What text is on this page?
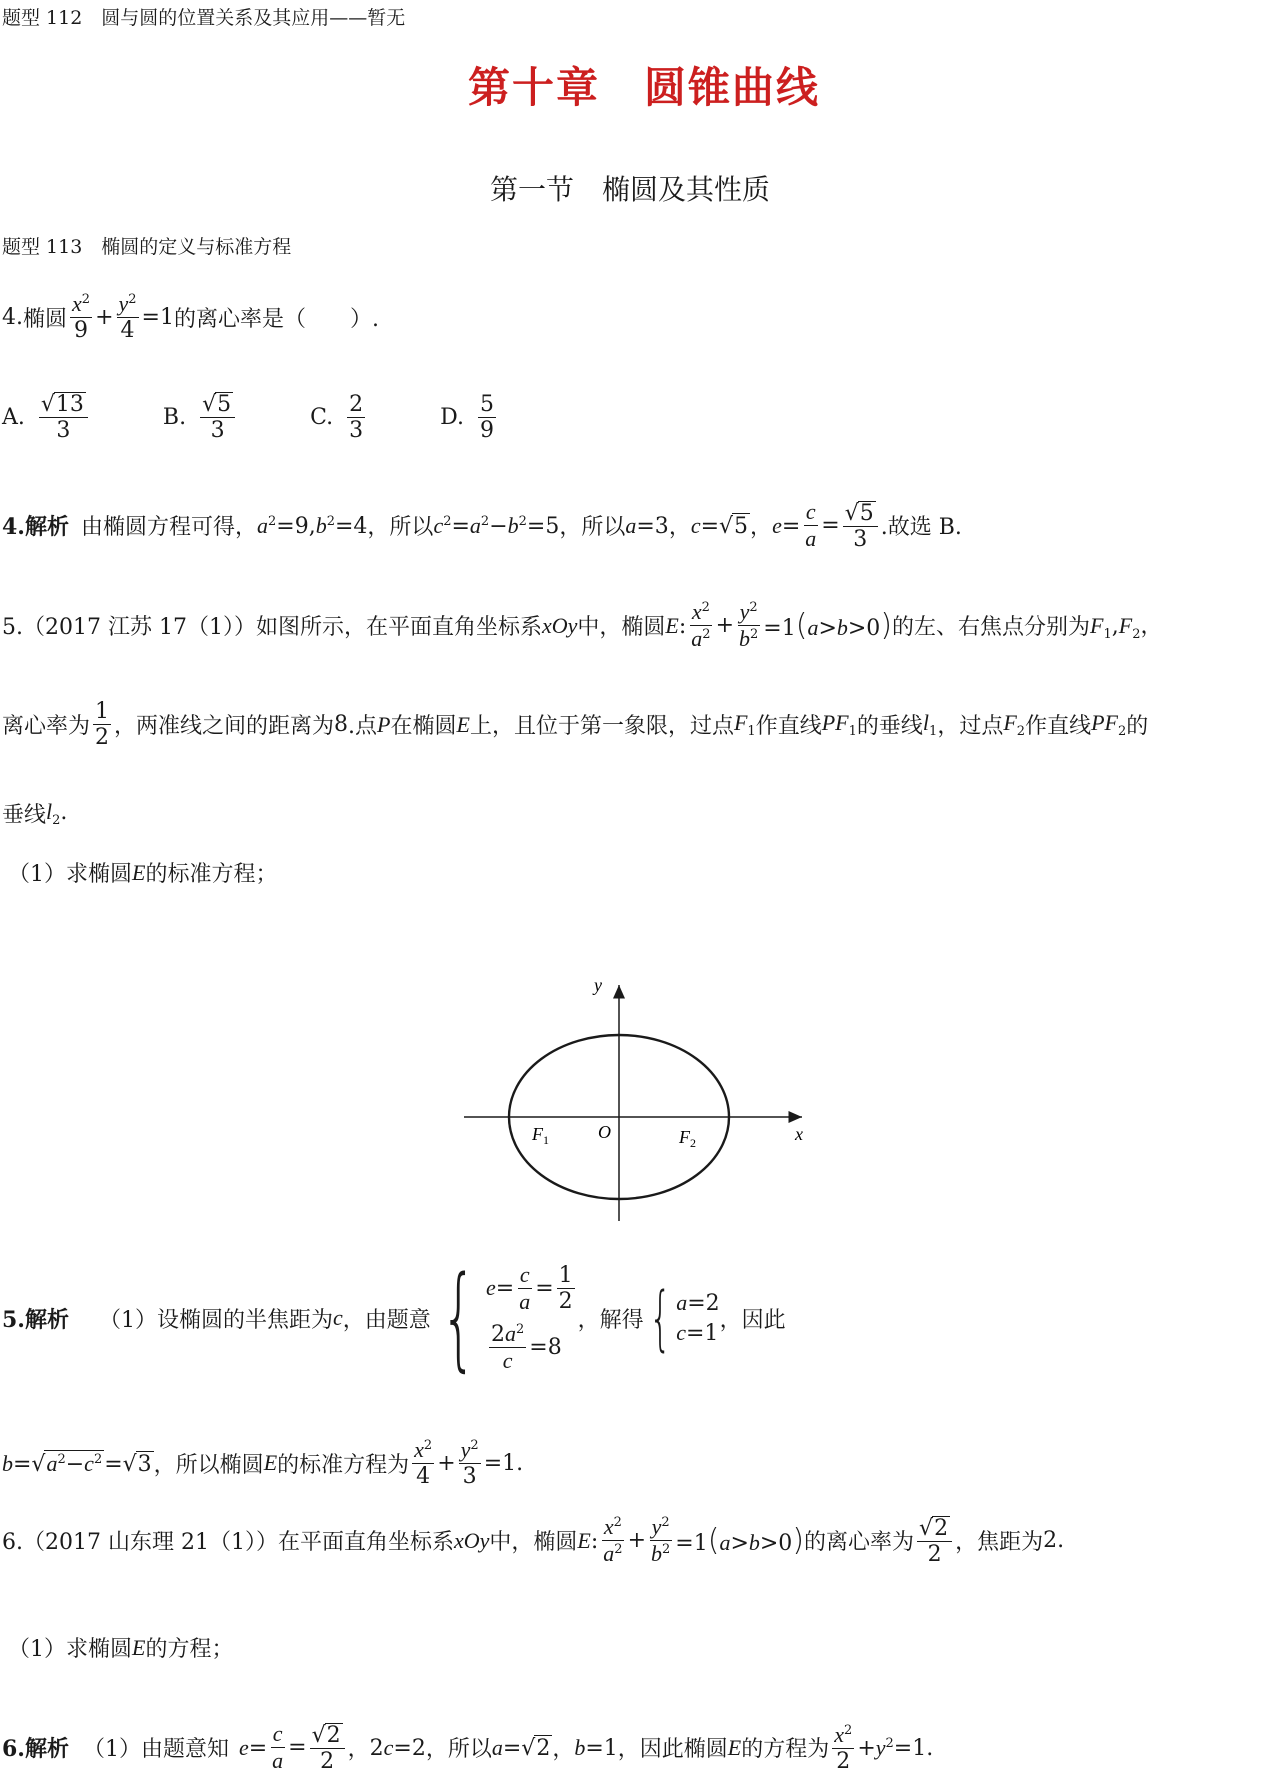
题型 112　圆与圆的位置关系及其应用——暂无
第十章　圆锥曲线
第一节　椭圆及其性质
题型 113　椭圆的定义与标准方程
4. 椭圆 $\frac{x^2}{9} + \frac{y^2}{4} =1$ 的离心率是（　　）.
A. $\frac{√13}{3}$	B. $\frac{√5}{3}$	C. $\frac{2}{3}$	D. $\frac{5}{9}$
4.解析 由椭圆方程可得， $a^2=9,b^2=4$ ，所以 $c^2=a^2-b^2=5$ ，所以 a=3 ， c=√5 ， $e= \frac{c}{a} = \frac{√5}{3}$ .故选 B.
5.（2017 江苏 17（1））如图所示，在平面直角坐标系 xOy 中，椭圆 E: $\frac{x^2}{a^2} + \frac{y^2}{b^2} =1(a>b>0)$ 的左、右焦点分别为 $F_1,F_2$，
离心率为 $\frac{1}{2}$ ，两准线之间的距离为 8 .点 P 在椭圆 E 上，且位于第一象限，过点 $F_1$ 作直线 $PF_1$ 的垂线 $l_1$ ，过点 $F_2$ 作直线 $PF_2$ 的
垂线 $l_2$.
（1）求椭圆 E 的标准方程；
y
x
O
$F_1$	$F_2$
5.解析 （1）设椭圆的半焦距为 c ，由题意 { $e= \frac{c}{a} = \frac{1}{2}$
$\frac{2a^2}{c} =8$
，解得 { a=2
c=1
，因此
$b=√a^2-c^2=√3$ ，所以椭圆 E 的标准方程为 $\frac{x^2}{4} + \frac{y^2}{3} =1$.
6.（2017 山东理 21（1））在平面直角坐标系 xOy 中，椭圆 E: $\frac{x^2}{a^2} + \frac{y^2}{b^2} =1(a>b>0)$ 的离心率为 $\frac{√2}{2}$ ，焦距为 2.
（1）求椭圆 E 的方程；
6.解析 （1）由题意知 $e= \frac{c}{a} = \frac{√2}{2}$ ， 2c=2 ，所以 a=√2 ， b=1 ，因此椭圆 E 的方程为 $\frac{x^2}{2} +y^2=1$.
